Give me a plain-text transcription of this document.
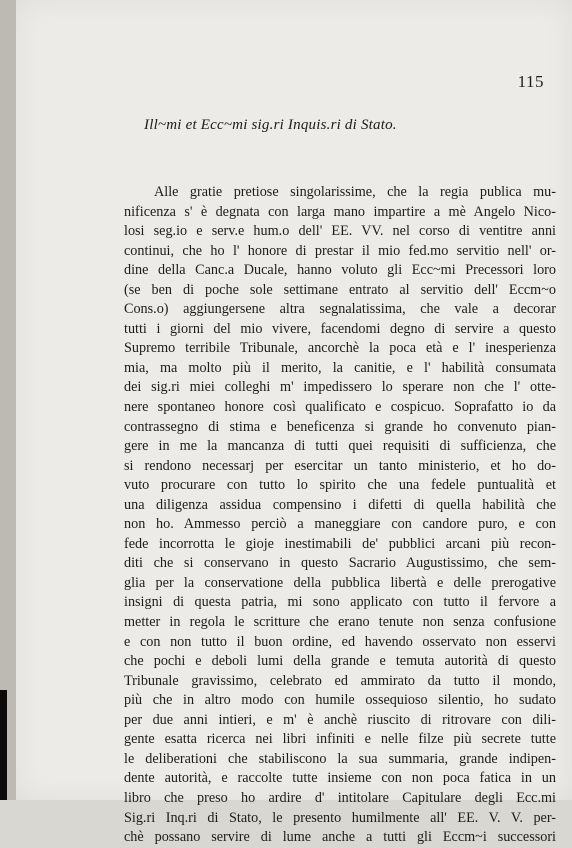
115
Ill~mi et Ecc~mi sig.ri Inquis.ri di Stato.
Alle gratie pretiose singolarissime, che la regia publica mu-
nificenza s' è degnata con larga mano impartire a mè Angelo Nico-
losi seg.io e serv.e hum.o dell' EE. VV. nel corso di ventitre anni
continui, che ho l' honore di prestar il mio fed.mo servitio nell' or-
dine della Canc.a Ducale, hanno voluto gli Ecc~mi Precessori loro
(se ben di poche sole settimane entrato al servitio dell' Eccm~o
Cons.o) aggiungersene altra segnalatissima, che vale a decorar
tutti i giorni del mio vivere, facendomi degno di servire a questo
Supremo terribile Tribunale, ancorchè la poca età e l' inesperienza
mia, ma molto più il merito, la canitie, e l' habilità consumata
dei sig.ri miei colleghi m' impedissero lo sperare non che l' otte-
nere spontaneo honore così qualificato e cospicuo. Soprafatto io da
contrassegno di stima e beneficenza si grande ho convenuto pian-
gere in me la mancanza di tutti quei requisiti di sufficienza, che
si rendono necessarj per esercitar un tanto ministerio, et ho do-
vuto procurare con tutto lo spirito che una fedele puntualità et
una diligenza assidua compensino i difetti di quella habilità che
non ho. Ammesso perciò a maneggiare con candore puro, e con
fede incorrotta le gioje inestimabili de' pubblici arcani più recon-
diti che si conservano in questo Sacrario Augustissimo, che sem-
glia per la conservatione della pubblica libertà e delle prerogative
insigni di questa patria, mi sono applicato con tutto il fervore a
metter in regola le scritture che erano tenute non senza confusione
e con non tutto il buon ordine, ed havendo osservato non esservi
che pochi e deboli lumi della grande e temuta autorità di questo
Tribunale gravissimo, celebrato ed ammirato da tutto il mondo,
più che in altro modo con humile ossequioso silentio, ho sudato
per due anni intieri, e m' è anchè riuscito di ritrovare con dili-
gente esatta ricerca nei libri infiniti e nelle filze più secrete tutte
le deliberationi che stabiliscono la sua summaria, grande indipen-
dente autorità, e raccolte tutte insieme con non poca fatica in un
libro che preso ho ardire d' intitolare Capitulare degli Ecc.mi
Sig.ri Inq.ri di Stato, le presento humilmente all' EE. V. V. per-
chè possano servire di lume anche a tutti gli Eccm~i successori
